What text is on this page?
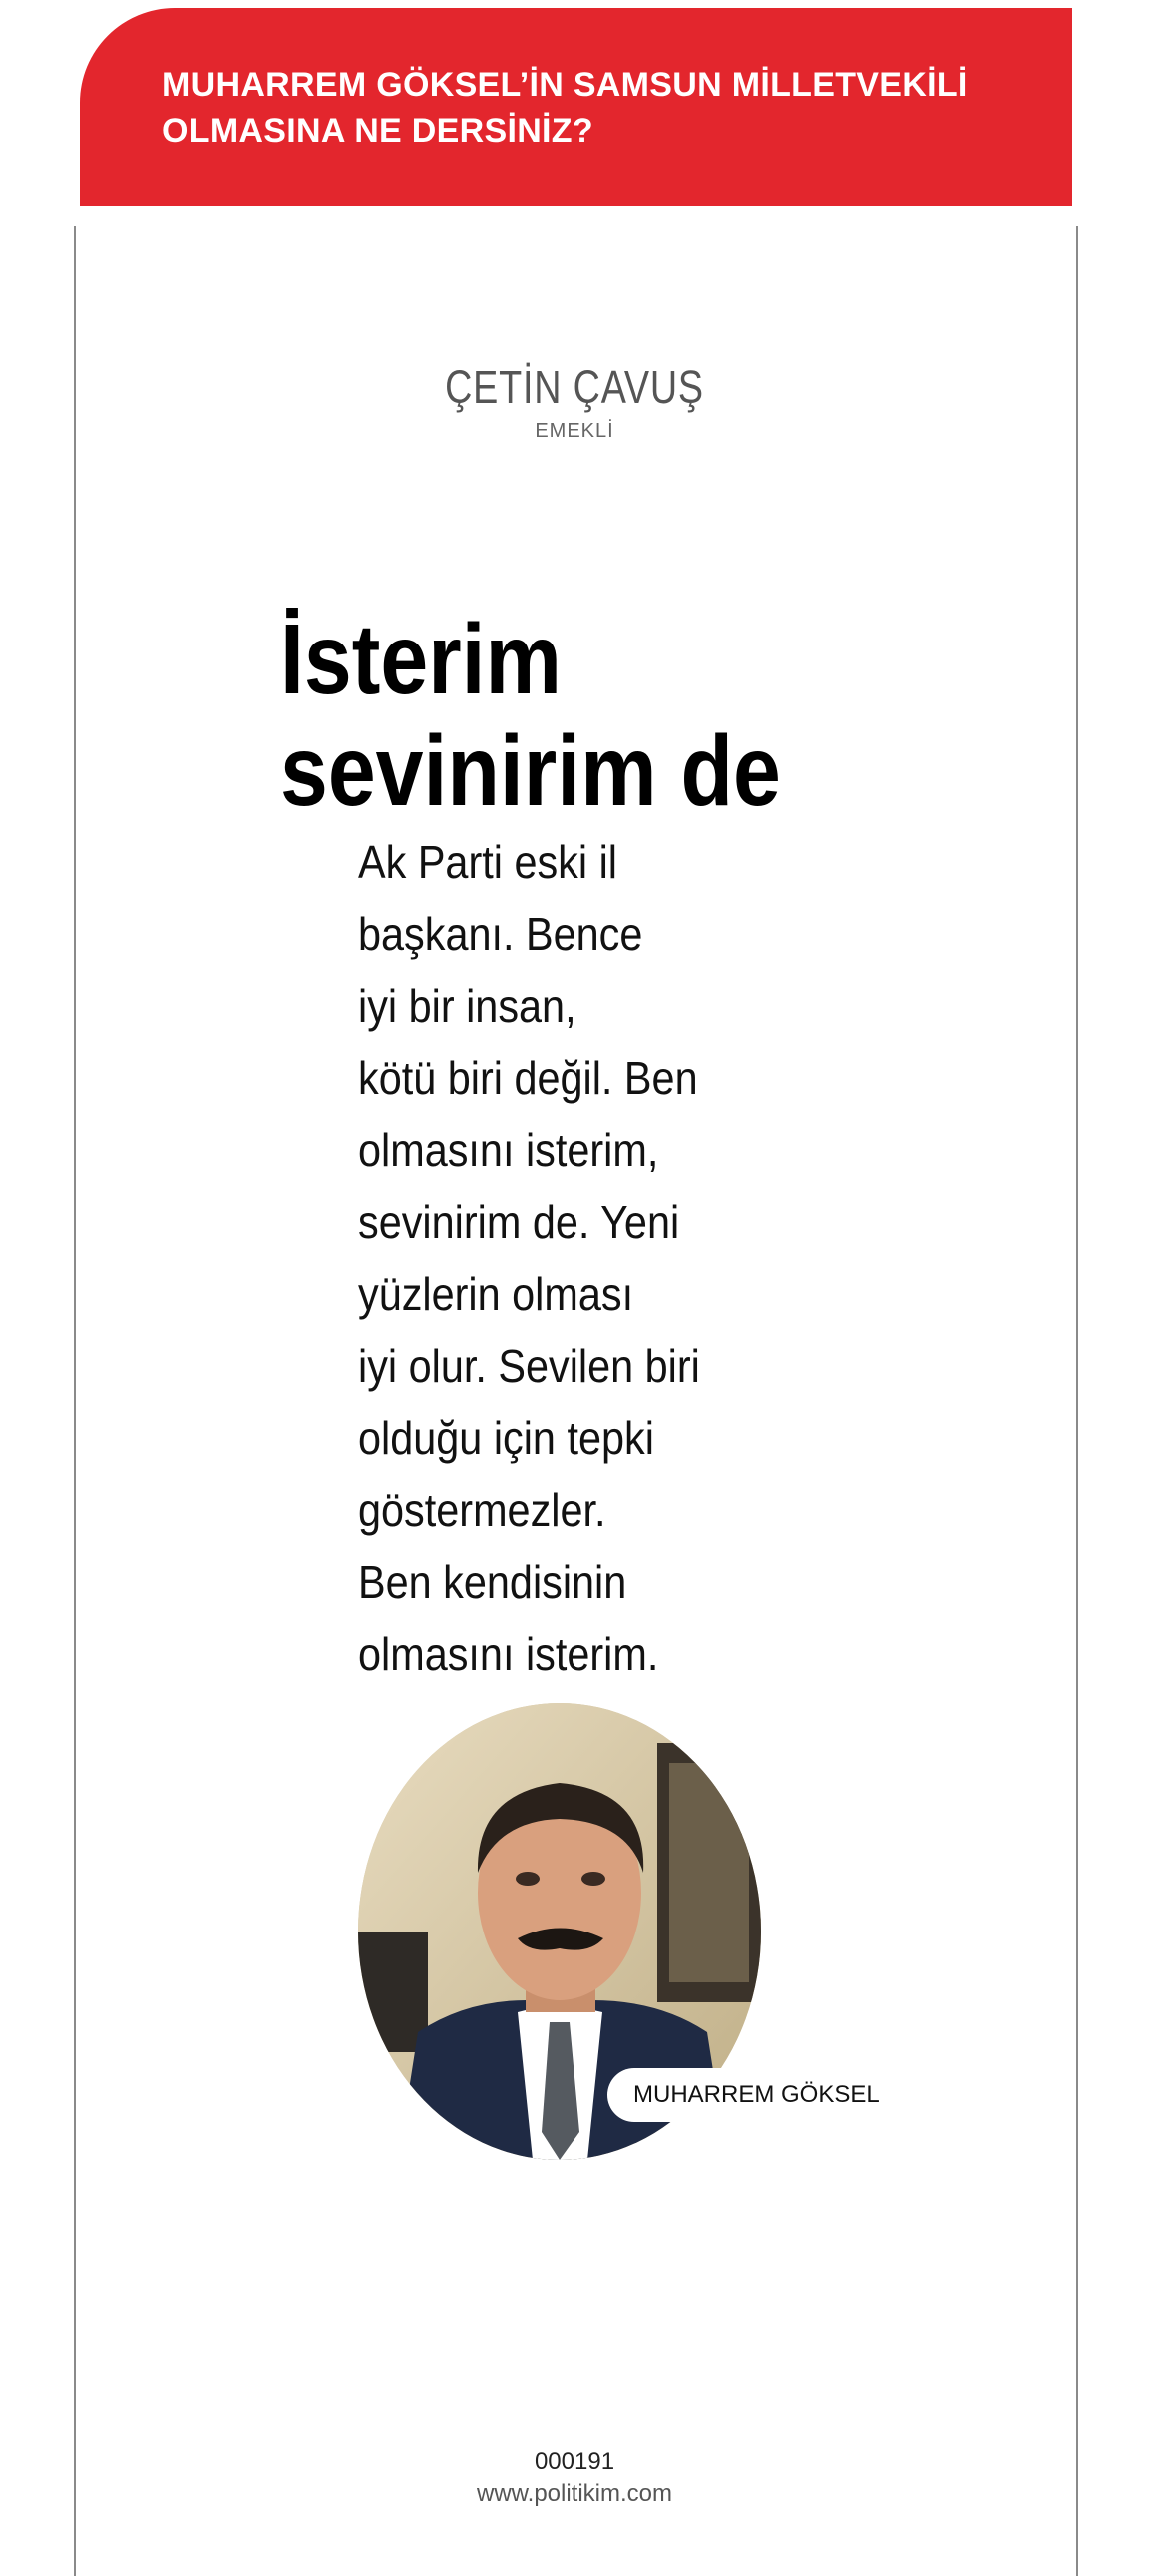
MUHARREM GÖKSEL’İN SAMSUN MİLLETVEKİLİ OLMASINA NE DERSİNİZ?
ÇETİN ÇAVUŞ
EMEKLİ
İsterim
sevinirim de
Ak Parti eski il
başkanı. Bence
iyi bir insan,
kötü biri değil. Ben
olmasını isterim,
sevinirim de. Yeni
yüzlerin olması
iyi olur. Sevilen biri
olduğu için tepki
göstermezler.
Ben kendisinin
olmasını isterim.
MUHARREM GÖKSEL
000191
www.politikim.com
